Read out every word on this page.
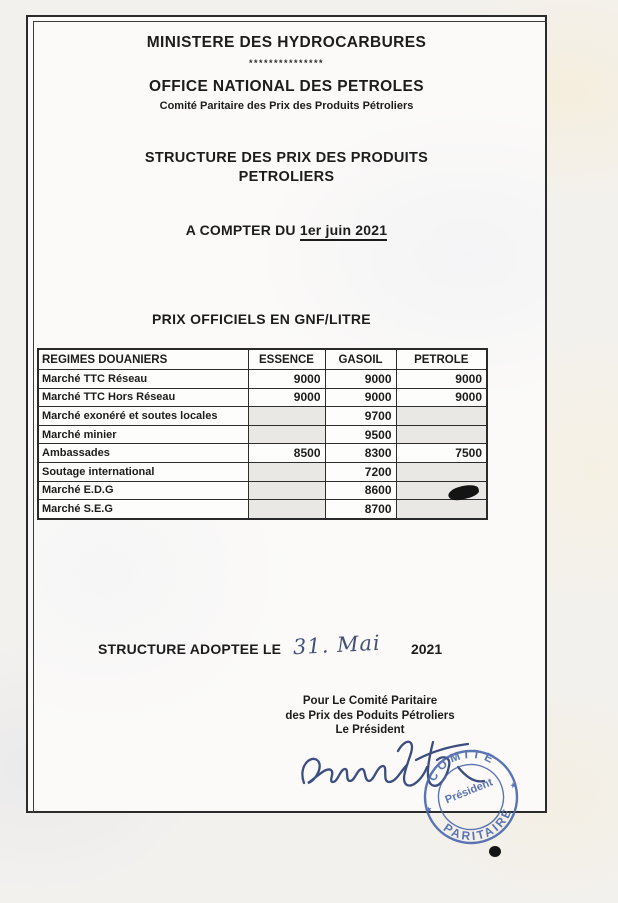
MINISTERE DES HYDROCARBURES
***************
OFFICE NATIONAL DES PETROLES
Comité Paritaire des Prix des Produits Pétroliers
STRUCTURE DES PRIX DES PRODUITS
PETROLIERS
A COMPTER DU 1er juin 2021
PRIX OFFICIELS EN GNF/LITRE
REGIMES DOUANIERS	ESSENCE	GASOIL	PETROLE
Marché TTC Réseau	9000	9000	9000
Marché TTC Hors Réseau	9000	9000	9000
Marché exonéré et soutes locales		9700	
Marché minier		9500	
Ambassades	8500	8300	7500
Soutage international		7200	
Marché E.D.G		8600	
Marché S.E.G		8700	
STRUCTURE ADOPTEE LE 31. Mai 2021
Pour Le Comité Paritaire
des Prix des Poduits Pétroliers
Le Président
COMITE
PARITAIRE
Président
★
★
